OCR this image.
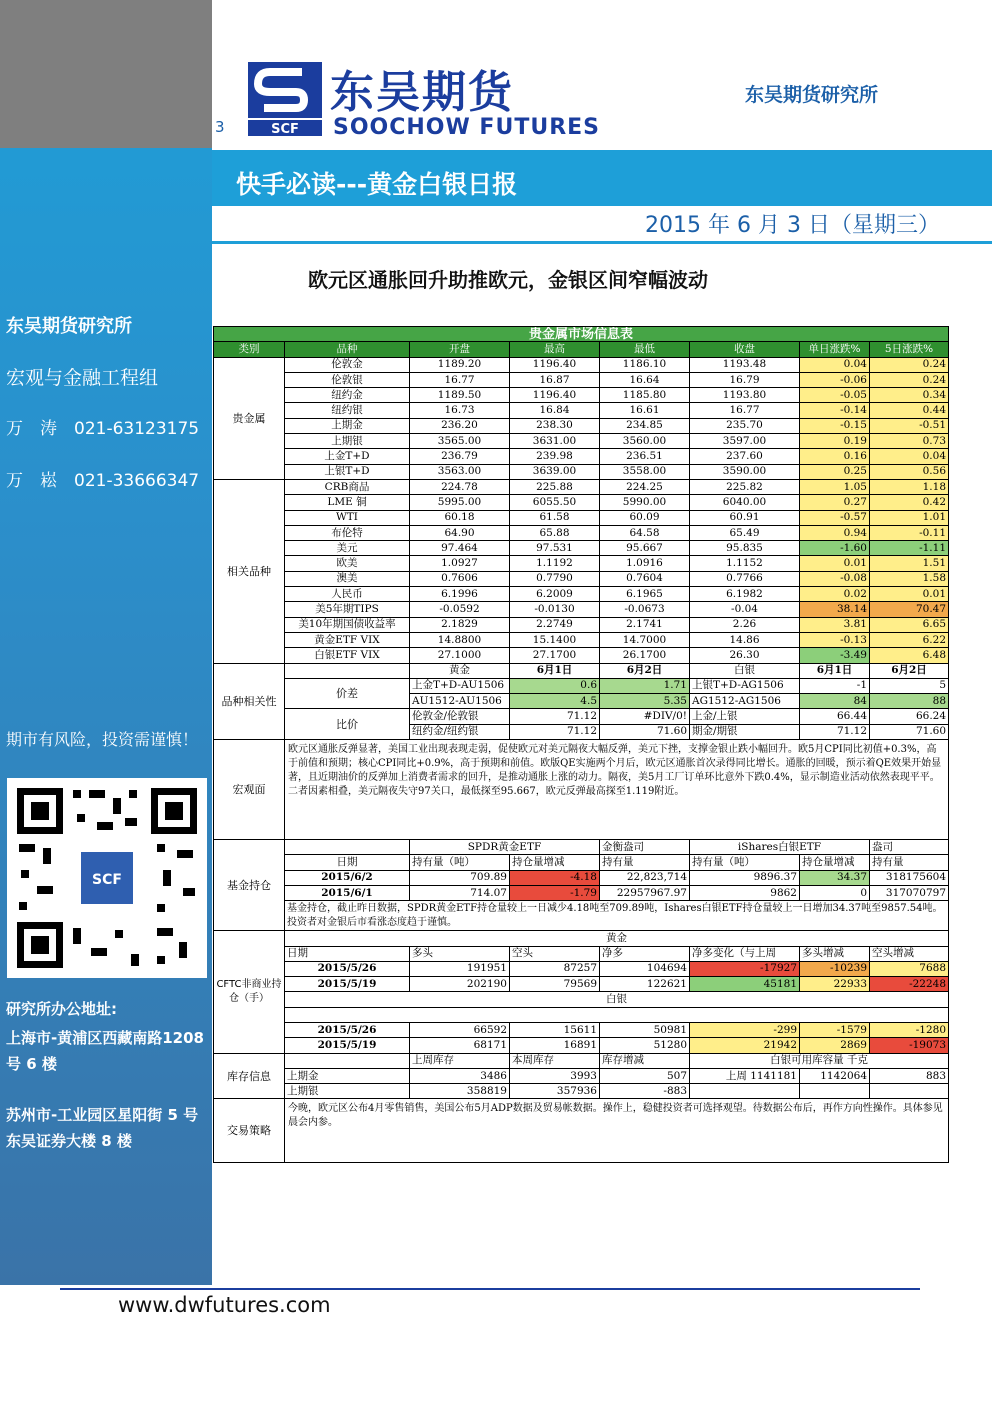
东吴期货研究所
宏观与金融工程组
万　涛　021-63123175
万　崧　021-33666347
期市有风险，投资需谨慎！
SCF
研究所办公地址:
上海市-黄浦区西藏南路1208 号 6 楼
苏州市-工业园区星阳街 5 号东吴证券大楼 8 楼
SCF
东吴期货
SOOCHOW FUTURES
东吴期货研究所
3
快手必读---黄金白银日报
2015 年 6 月 3 日（星期三）
欧元区通胀回升助推欧元，金银区间窄幅波动
贵金属市场信息表							
类别	品种	开盘	最高	最低	收盘	单日涨跌%	5日涨跌%
贵金属	伦敦金	1189.20	1196.40	1186.10	1193.48	0.04	0.24
	伦敦银	16.77	16.87	16.64	16.79	-0.06	0.24
	纽约金	1189.50	1196.40	1185.80	1193.80	-0.05	0.34
	纽约银	16.73	16.84	16.61	16.77	-0.14	0.44
	上期金	236.20	238.30	234.85	235.70	-0.15	-0.51
	上期银	3565.00	3631.00	3560.00	3597.00	0.19	0.73
	上金T+D	236.79	239.98	236.51	237.60	0.16	0.04
	上银T+D	3563.00	3639.00	3558.00	3590.00	0.25	0.56
相关品种	CRB商品	224.78	225.88	224.25	225.82	1.05	1.18
	LME 铜	5995.00	6055.50	5990.00	6040.00	0.27	0.42
	WTI	60.18	61.58	60.09	60.91	-0.57	1.01
	布伦特	64.90	65.88	64.58	65.49	0.94	-0.11
	美元	97.464	97.531	95.667	95.835	-1.60	-1.11
	欧美	1.0927	1.1192	1.0916	1.1152	0.01	1.51
	澳美	0.7606	0.7790	0.7604	0.7766	-0.08	1.58
	人民币	6.1996	6.2009	6.1965	6.1982	0.02	0.01
	美5年期TIPS	-0.0592	-0.0130	-0.0673	-0.04	38.14	70.47
	美10年期国债收益率	2.1829	2.2749	2.1741	2.26	3.81	6.65
	黄金ETF VIX	14.8800	15.1400	14.7000	14.86	-0.13	6.22
	白银ETF VIX	27.1000	27.1700	26.1700	26.30	-3.49	6.48
品种相关性		黄金	6月1日	6月2日	白银	6月1日	6月2日
	价差	上金T+D-AU1506	0.6	1.71	上银T+D-AG1506	-1	5
		AU1512-AU1506	4.5	5.35	AG1512-AG1506	84	88
	比价	伦敦金/伦敦银	71.12	#DIV/0!	上金/上银	66.44	66.24
		纽约金/纽约银	71.12	71.60	期金/期银	71.12	71.60
宏观面	欧元区通胀反弹显著，美国工业出现表现走弱，促使欧元对美元隔夜大幅反弹，美元下挫，支撑金银止跌小幅回升。欧5月CPI同比初值+0.3%，高于前值和预期；核心CPI同比+0.9%，高于预期和前值。欧版QE实施两个月后，欧元区通胀首次录得同比增长。通胀的回暖，预示着QE效果开始显著，且近期油价的反弹加上消费者需求的回升，是推动通胀上涨的动力。隔夜，美5月工厂订单环比意外下跌0.4%，显示制造业活动依然表现平平。二者因素相叠，美元隔夜失守97关口，最低探至95.667，欧元反弹最高探至1.119附近。						
基金持仓		SPDR黄金ETF		金衡盎司	iShares白银ETF		盎司
	日期	持有量（吨）	持仓量增减	持有量	持有量（吨）	持仓量增减	持有量
	2015/6/2	709.89	-4.18	22,823,714	9896.37	34.37	318175604
	2015/6/1	714.07	-1.79	22957967.97	9862	0	317070797
	基金持仓，截止昨日数据，SPDR黄金ETF持仓量较上一日减少4.18吨至709.89吨，Ishares白银ETF持仓量较上一日增加34.37吨至9857.54吨。投资者对金银后市看涨态度趋于谨慎。						
CFTC非商业持仓（手）	黄金						
	日期	多头	空头	净多	净多变化（与上周	多头增减	空头增减
	2015/5/26	191951	87257	104694	-17927	-10239	7688
	2015/5/19	202190	79569	122621	45181	22933	-22248
	白银						

	2015/5/26	66592	15611	50981	-299	-1579	-1280
	2015/5/19	68171	16891	51280	21942	2869	-19073
库存信息		上周库存	本周库存	库存增减	白银可用库容量 千克		
	上期金	3486	3993	507	上周 1141181	1142064	883
	上期银	358819	357936	-883			
交易策略	今晚，欧元区公布4月零售销售，美国公布5月ADP数据及贸易帐数据。操作上，稳健投资者可选择观望。待数据公布后，再作方向性操作。具体参见晨会内参。						
www.dwfutures.com
